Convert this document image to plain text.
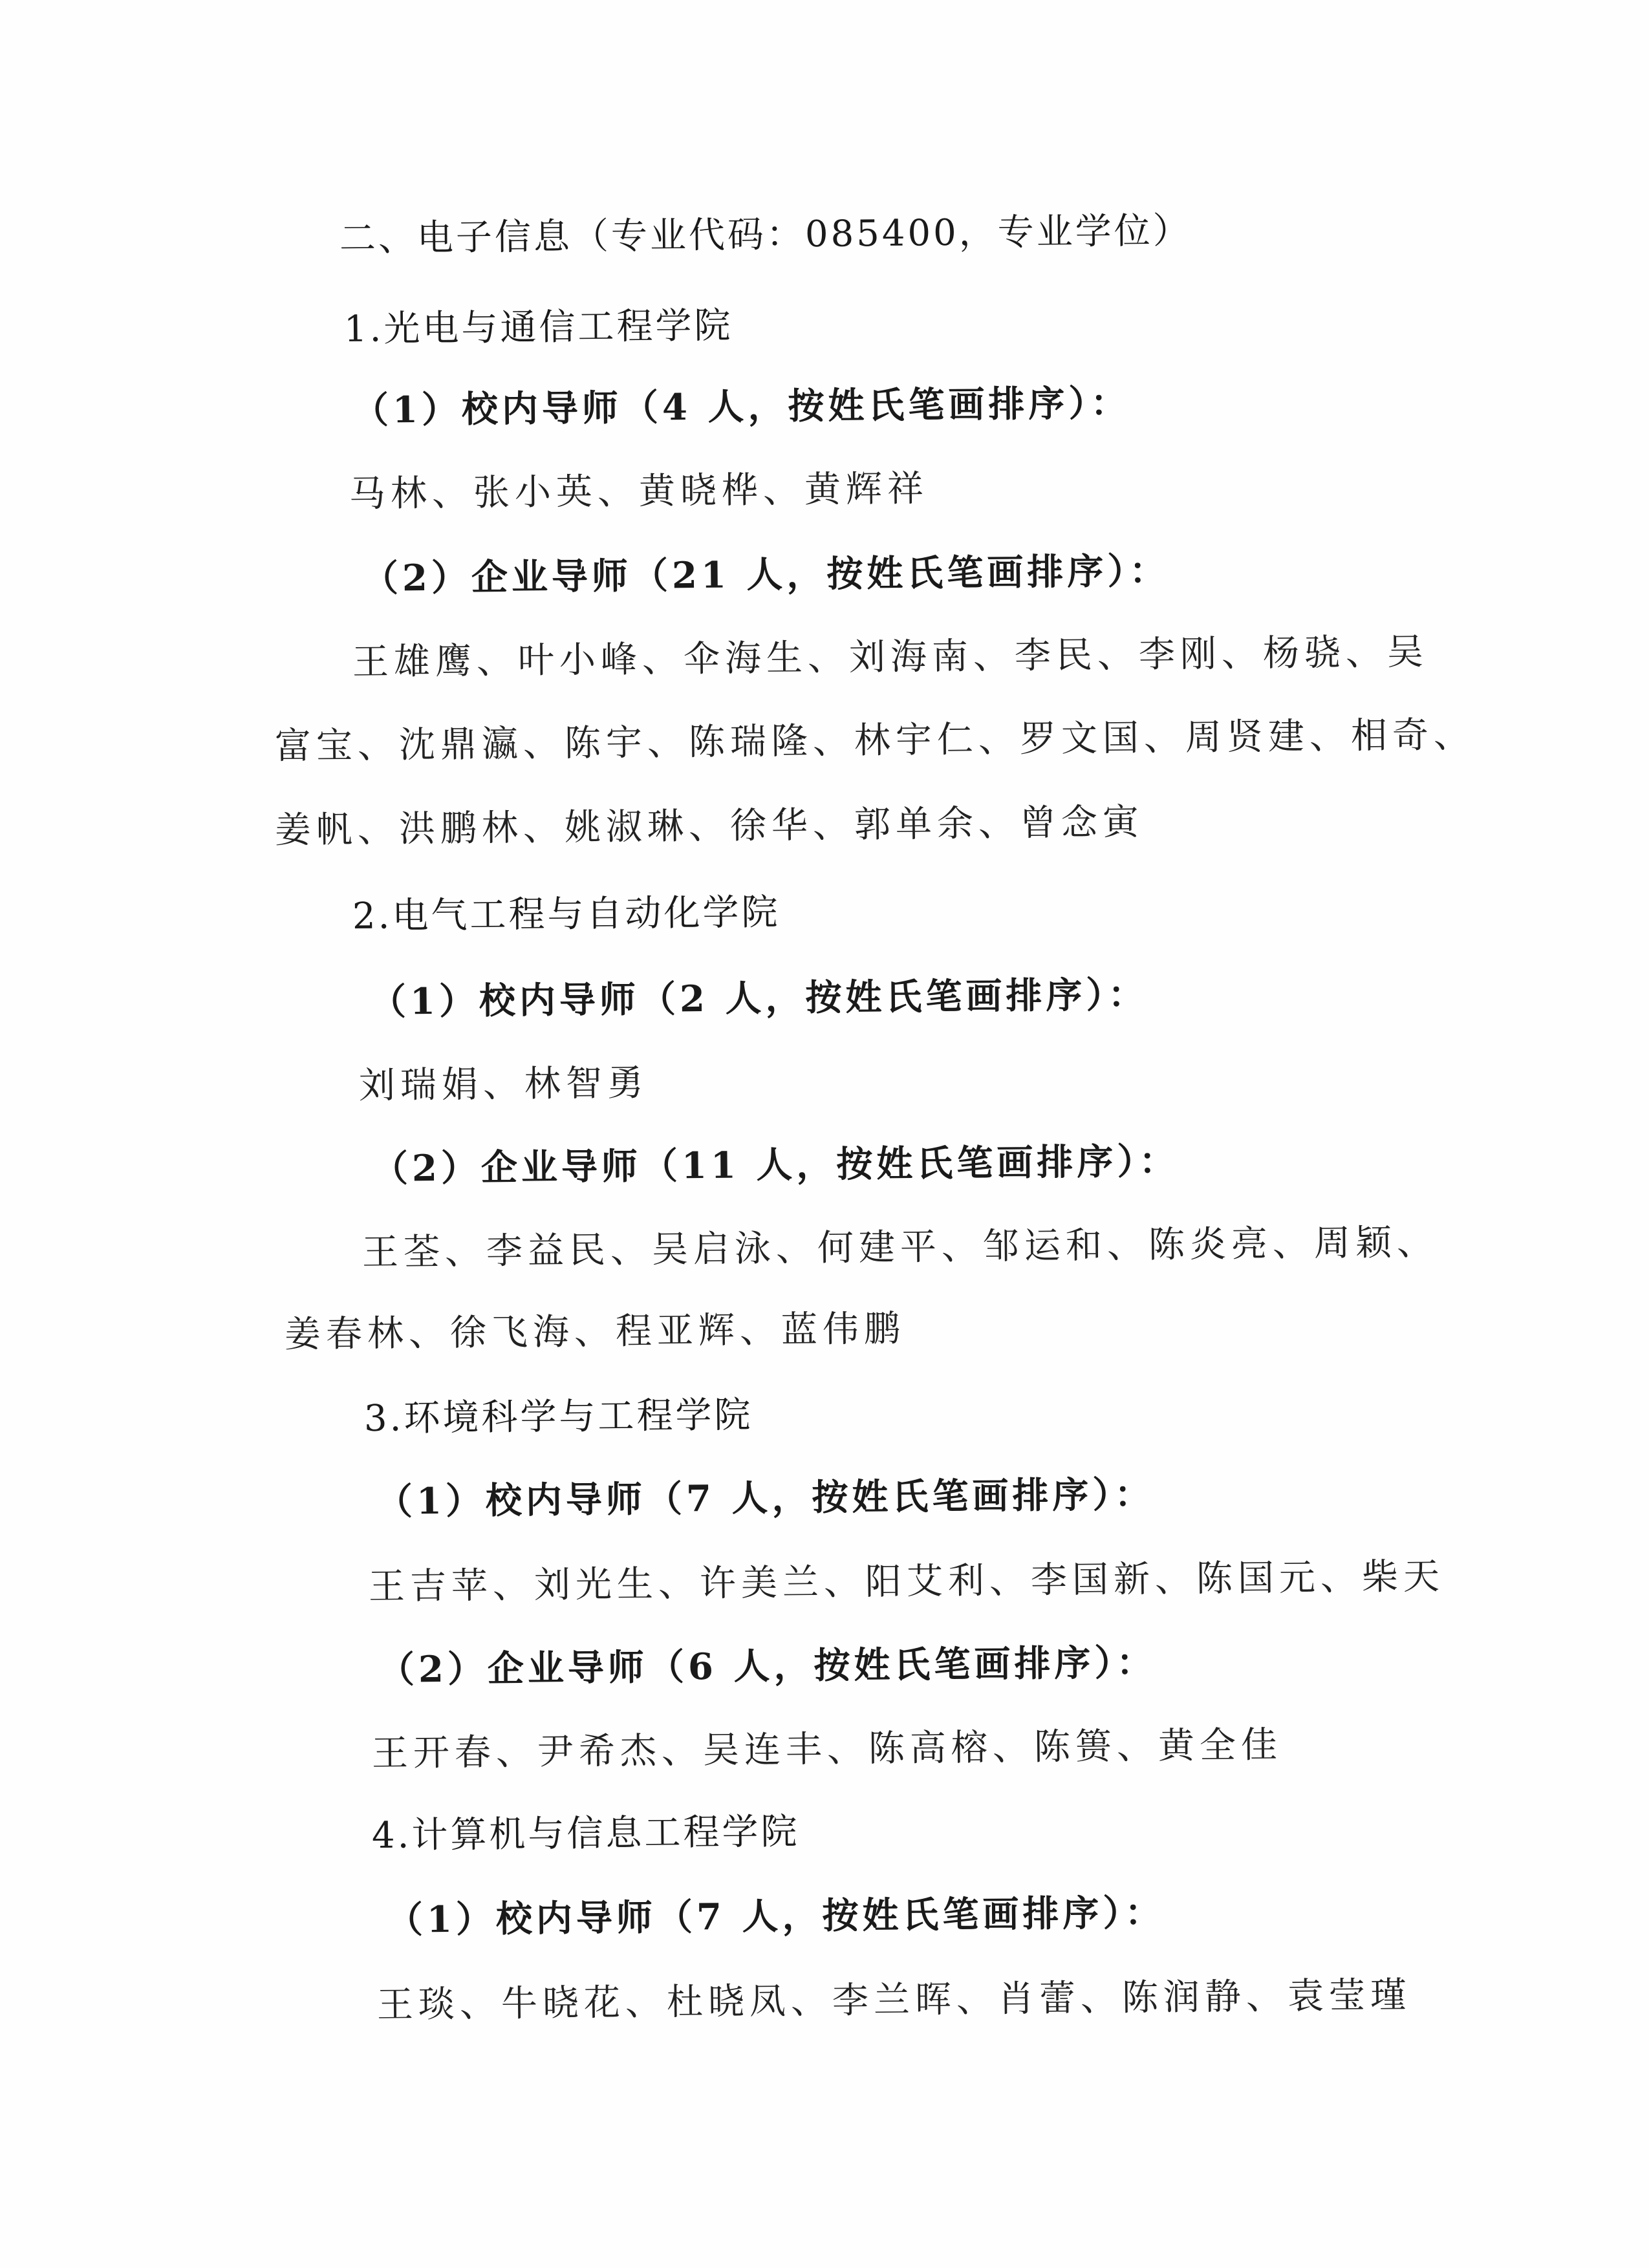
二、电子信息（专业代码：085400，专业学位）
1.光电与通信工程学院
（1）校内导师（4 人，按姓氏笔画排序）：
马林、张小英、黄晓桦、黄辉祥
（2）企业导师（21 人，按姓氏笔画排序）：
王雄鹰、叶小峰、伞海生、刘海南、李民、李刚、杨骁、吴
富宝、沈鼎瀛、陈宇、陈瑞隆、林宇仁、罗文国、周贤建、相奇、
姜帆、洪鹏林、姚淑琳、徐华、郭单余、曾念寅
2.电气工程与自动化学院
（1）校内导师（2 人，按姓氏笔画排序）：
刘瑞娟、林智勇
（2）企业导师（11 人，按姓氏笔画排序）：
王荃、李益民、吴启泳、何建平、邹运和、陈炎亮、周颖、
姜春林、徐飞海、程亚辉、蓝伟鹏
3.环境科学与工程学院
（1）校内导师（7 人，按姓氏笔画排序）：
王吉苹、刘光生、许美兰、阳艾利、李国新、陈国元、柴天
（2）企业导师（6 人，按姓氏笔画排序）：
王开春、尹希杰、吴连丰、陈高榕、陈篑、黄全佳
4.计算机与信息工程学院
（1）校内导师（7 人，按姓氏笔画排序）：
王琰、牛晓花、杜晓凤、李兰晖、肖蕾、陈润静、袁莹瑾
